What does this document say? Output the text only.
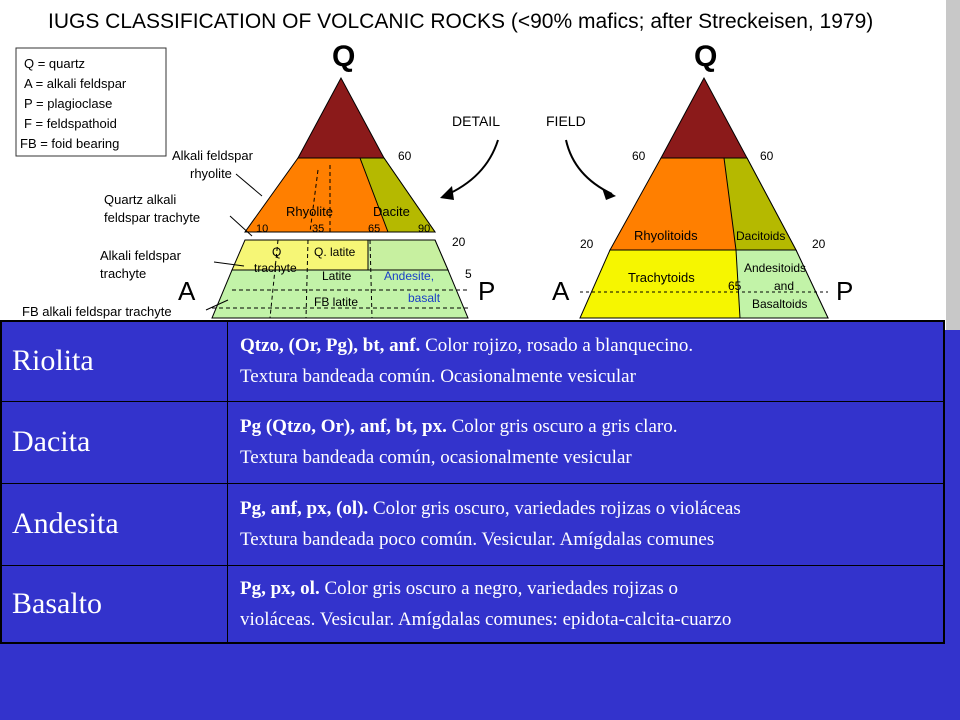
IUGS CLASSIFICATION OF VOLCANIC ROCKS (<90% mafics; after Streckeisen, 1979)
Q = quartz
A = alkali feldspar
P = plagioclase
F = feldspathoid
FB = foid bearing
Q
Rhyolite	Dacite
10	35	65	90
Q
trachyte
Q. latite
Latite	Andesite,
basalt
FB latite
60
20
5
A	P
Alkali feldspar
rhyolite
Quartz alkali
feldspar trachyte
Alkali feldspar
trachyte
FB alkali feldspar trachyte
DETAIL	FIELD
Q
Rhyolitoids	Dacitoids
Trachytoids
Andesitoids
and
Basaltoids
60	60
20	20
65
A	P
Riolita	Qtzo, (Or, Pg), bt, anf. Color rojizo, rosado a blanquecino.
Textura bandeada común. Ocasionalmente vesicular

Dacita	Pg (Qtzo, Or), anf, bt, px. Color gris oscuro a gris claro.
Textura bandeada común, ocasionalmente vesicular

Andesita	Pg, anf, px, (ol). Color gris oscuro, variedades rojizas o violáceas
Textura bandeada poco común. Vesicular. Amígdalas comunes

Basalto	Pg, px, ol. Color gris oscuro a negro, variedades rojizas o
violáceas. Vesicular. Amígdalas comunes: epidota-calcita-cuarzo
